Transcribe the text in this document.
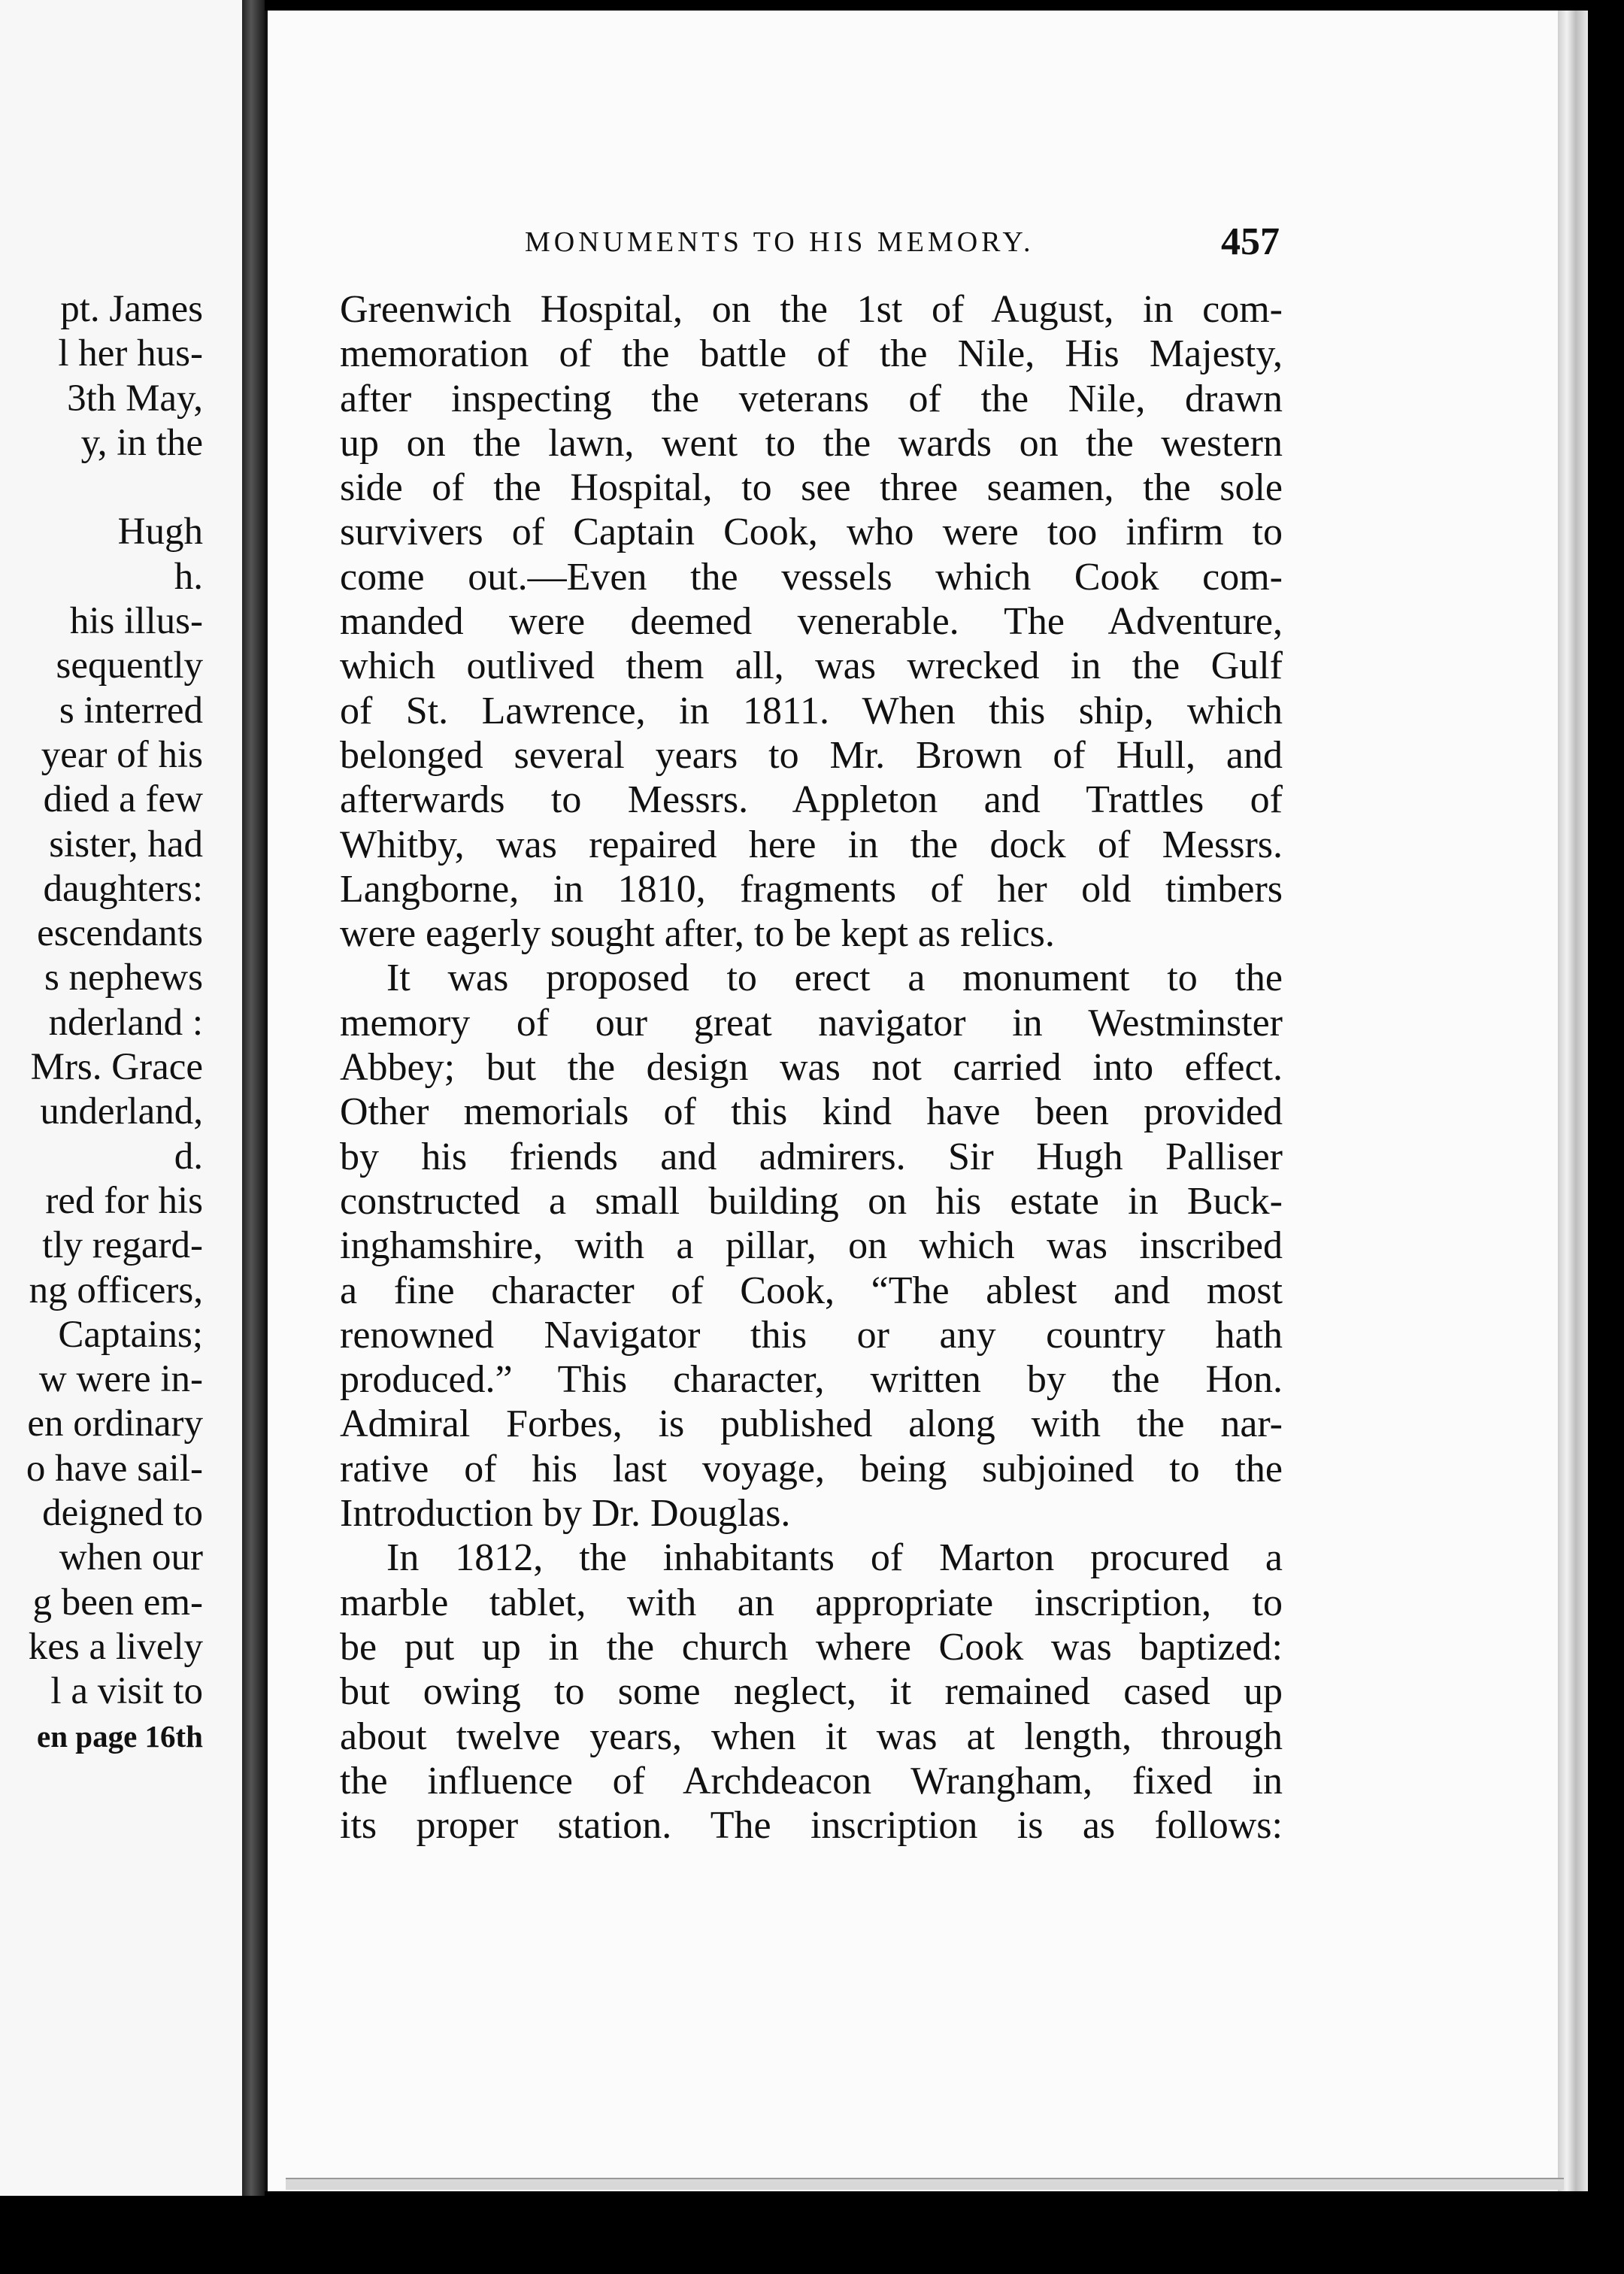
pt. James
l her hus-
3th May,
y, in the
Hugh
h.
his illus-
sequently
s interred
year of his
died a few
sister, had
daughters:
escendants
s nephews
nderland :
Mrs. Grace
underland,
d.
red for his
tly regard-
ng officers,
Captains;
w were in-
en ordinary
o have sail-
deigned to
when our
g been em-
kes a lively
l a visit to
en page 16th
MONUMENTS TO HIS MEMORY.	457
Greenwich Hospital, on the 1st of August, in com-
memoration of the battle of the Nile, His Majesty,
after inspecting the veterans of the Nile, drawn
up on the lawn, went to the wards on the western
side of the Hospital, to see three seamen, the sole
survivers of Captain Cook, who were too infirm to
come out.—Even the vessels which Cook com-
manded were deemed venerable. The Adventure,
which outlived them all, was wrecked in the Gulf
of St. Lawrence, in 1811. When this ship, which
belonged several years to Mr. Brown of Hull, and
afterwards to Messrs. Appleton and Trattles of
Whitby, was repaired here in the dock of Messrs.
Langborne, in 1810, fragments of her old timbers
were eagerly sought after, to be kept as relics.
It was proposed to erect a monument to the
memory of our great navigator in Westminster
Abbey; but the design was not carried into effect.
Other memorials of this kind have been provided
by his friends and admirers. Sir Hugh Palliser
constructed a small building on his estate in Buck-
inghamshire, with a pillar, on which was inscribed
a fine character of Cook, “The ablest and most
renowned Navigator this or any country hath
produced.” This character, written by the Hon.
Admiral Forbes, is published along with the nar-
rative of his last voyage, being subjoined to the
Introduction by Dr. Douglas.
In 1812, the inhabitants of Marton procured a
marble tablet, with an appropriate inscription, to
be put up in the church where Cook was baptized:
but owing to some neglect, it remained cased up
about twelve years, when it was at length, through
the influence of Archdeacon Wrangham, fixed in
its proper station. The inscription is as follows:
